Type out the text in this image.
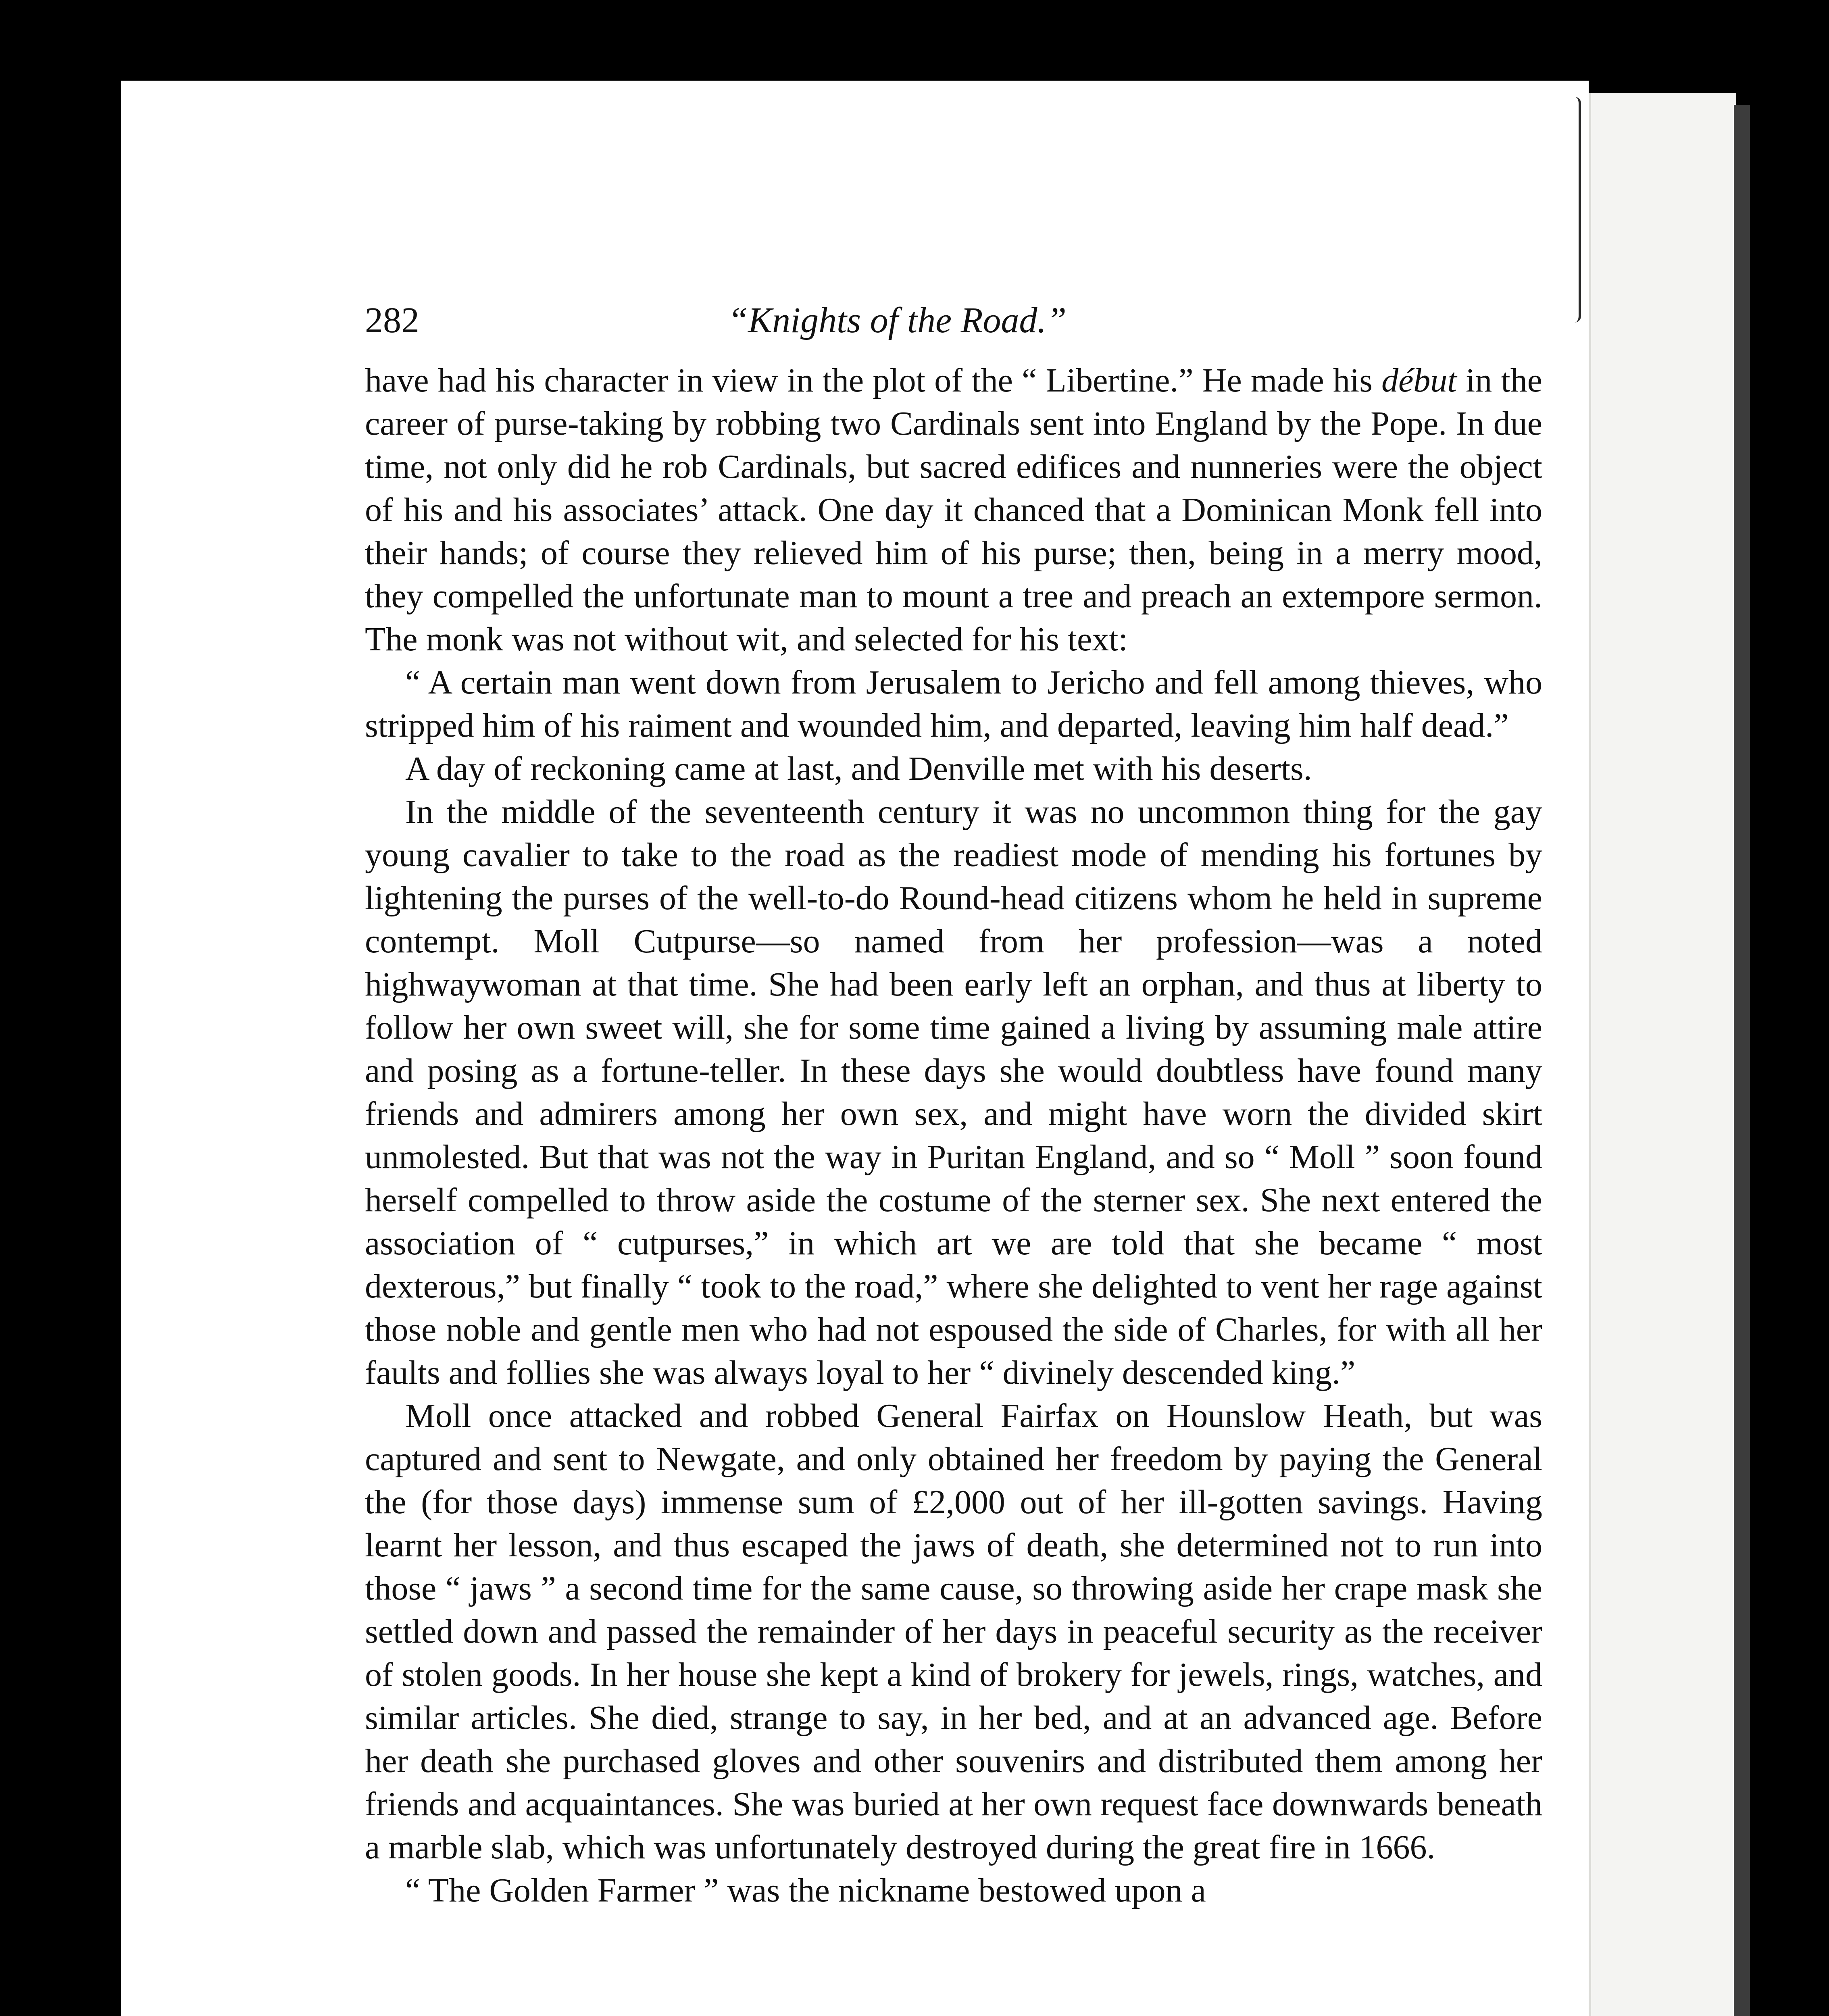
282	“Knights of the Road.”

have had his character in view in the plot of the “ Libertine.” He made his début in the career of purse-taking by robbing two Cardinals sent into England by the Pope. In due time, not only did he rob Cardinals, but sacred edifices and nunneries were the object of his and his associates’ attack. One day it chanced that a Dominican Monk fell into their hands; of course they relieved him of his purse; then, being in a merry mood, they compelled the unfortunate man to mount a tree and preach an extempore sermon. The monk was not without wit, and selected for his text:

“ A certain man went down from Jerusalem to Jericho and fell among thieves, who stripped him of his raiment and wounded him, and departed, leaving him half dead.”

A day of reckoning came at last, and Denville met with his deserts.

In the middle of the seventeenth century it was no uncommon thing for the gay young cavalier to take to the road as the readiest mode of mending his fortunes by lightening the purses of the well-to-do Round-head citizens whom he held in supreme contempt. Moll Cutpurse—so named from her profession—was a noted highwaywoman at that time. She had been early left an orphan, and thus at liberty to follow her own sweet will, she for some time gained a living by assuming male attire and posing as a fortune-teller. In these days she would doubtless have found many friends and admirers among her own sex, and might have worn the divided skirt unmolested. But that was not the way in Puritan England, and so “ Moll ” soon found herself compelled to throw aside the costume of the sterner sex. She next entered the association of “ cutpurses,” in which art we are told that she became “ most dexterous,” but finally “ took to the road,” where she delighted to vent her rage against those noble and gentle men who had not espoused the side of Charles, for with all her faults and follies she was always loyal to her “ divinely descended king.”

Moll once attacked and robbed General Fairfax on Hounslow Heath, but was captured and sent to Newgate, and only obtained her freedom by paying the General the (for those days) immense sum of £2,000 out of her ill-gotten savings. Having learnt her lesson, and thus escaped the jaws of death, she determined not to run into those “ jaws ” a second time for the same cause, so throwing aside her crape mask she settled down and passed the remainder of her days in peaceful security as the receiver of stolen goods. In her house she kept a kind of brokery for jewels, rings, watches, and similar articles. She died, strange to say, in her bed, and at an advanced age. Before her death she purchased gloves and other souvenirs and distributed them among her friends and acquaintances. She was buried at her own request face downwards beneath a marble slab, which was unfortunately destroyed during the great fire in 1666.

“ The Golden Farmer ” was the nickname bestowed upon a
